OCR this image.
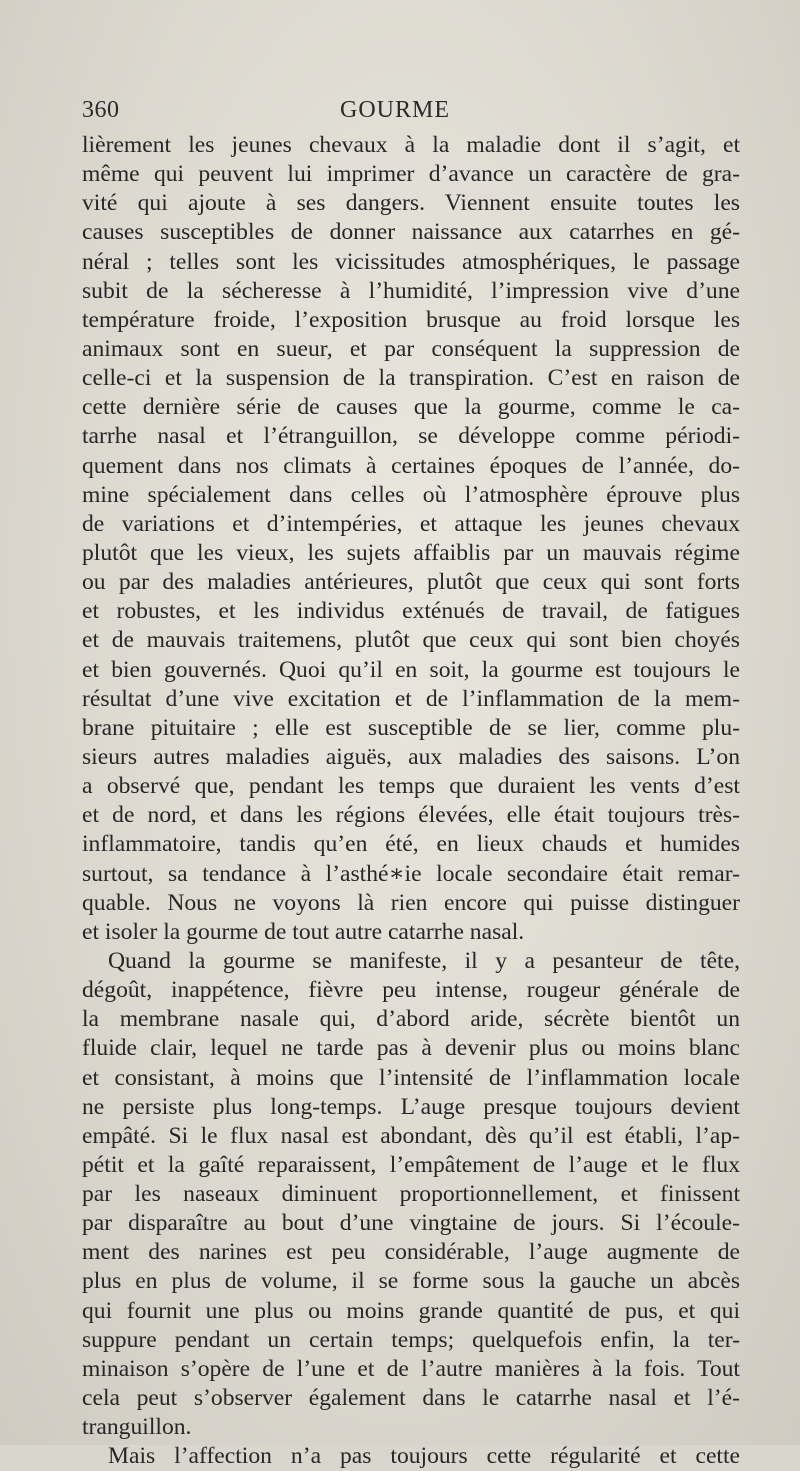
360	GOURME
lièrement les jeunes chevaux à la maladie dont il s’agit, et
même qui peuvent lui imprimer d’avance un caractère de gra-
vité qui ajoute à ses dangers. Viennent ensuite toutes les
causes susceptibles de donner naissance aux catarrhes en gé-
néral ; telles sont les vicissitudes atmosphériques, le passage
subit de la sécheresse à l’humidité, l’impression vive d’une
température froide, l’exposition brusque au froid lorsque les
animaux sont en sueur, et par conséquent la suppression de
celle-ci et la suspension de la transpiration. C’est en raison de
cette dernière série de causes que la gourme, comme le ca-
tarrhe nasal et l’étranguillon, se développe comme périodi-
quement dans nos climats à certaines époques de l’année, do-
mine spécialement dans celles où l’atmosphère éprouve plus
de variations et d’intempéries, et attaque les jeunes chevaux
plutôt que les vieux, les sujets affaiblis par un mauvais régime
ou par des maladies antérieures, plutôt que ceux qui sont forts
et robustes, et les individus exténués de travail, de fatigues
et de mauvais traitemens, plutôt que ceux qui sont bien choyés
et bien gouvernés. Quoi qu’il en soit, la gourme est toujours le
résultat d’une vive excitation et de l’inflammation de la mem-
brane pituitaire ; elle est susceptible de se lier, comme plu-
sieurs autres maladies aiguës, aux maladies des saisons. L’on
a observé que, pendant les temps que duraient les vents d’est
et de nord, et dans les régions élevées, elle était toujours très-
inflammatoire, tandis qu’en été, en lieux chauds et humides
surtout, sa tendance à l’asthé∗ie locale secondaire était remar-
quable. Nous ne voyons là rien encore qui puisse distinguer
et isoler la gourme de tout autre catarrhe nasal.
Quand la gourme se manifeste, il y a pesanteur de tête,
dégoût, inappétence, fièvre peu intense, rougeur générale de
la membrane nasale qui, d’abord aride, sécrète bientôt un
fluide clair, lequel ne tarde pas à devenir plus ou moins blanc
et consistant, à moins que l’intensité de l’inflammation locale
ne persiste plus long-temps. L’auge presque toujours devient
empâté. Si le flux nasal est abondant, dès qu’il est établi, l’ap-
pétit et la gaîté reparaissent, l’empâtement de l’auge et le flux
par les naseaux diminuent proportionnellement, et finissent
par disparaître au bout d’une vingtaine de jours. Si l’écoule-
ment des narines est peu considérable, l’auge augmente de
plus en plus de volume, il se forme sous la gauche un abcès
qui fournit une plus ou moins grande quantité de pus, et qui
suppure pendant un certain temps; quelquefois enfin, la ter-
minaison s’opère de l’une et de l’autre manières à la fois. Tout
cela peut s’observer également dans le catarrhe nasal et l’é-
tranguillon.
Mais l’affection n’a pas toujours cette régularité et cette
